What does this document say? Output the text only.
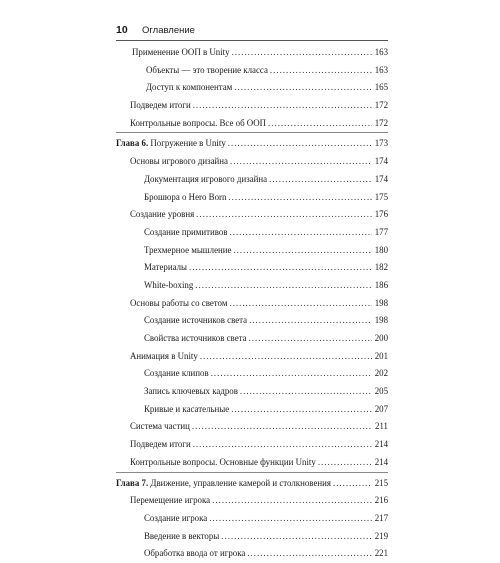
10	Оглавление
Применение ООП в Unity .....	163
Объекты — это творение класса .....	163
Доступ к компонентам .....	165
Подведем итоги .....	172
Контрольные вопросы. Все об ООП .....	172
Глава 6. Погружение в Unity .....	173
Основы игрового дизайна .....	174
Документация игрового дизайна .....	174
Брошюра о Hero Born .....	175
Создание уровня .....	176
Создание примитивов .....	177
Трехмерное мышление .....	180
Материалы .....	182
White-boxing .....	186
Основы работы со светом .....	198
Создание источников света .....	198
Свойства источников света .....	200
Анимация в Unity .....	201
Создание клипов .....	202
Запись ключевых кадров .....	205
Кривые и касательные .....	207
Система частиц .....	211
Подведем итоги .....	214
Контрольные вопросы. Основные функции Unity .....	214
Глава 7. Движение, управление камерой и столкновения .....	215
Перемещение игрока .....	216
Создание игрока .....	217
Введение в векторы .....	219
Обработка ввода от игрока .....	221
